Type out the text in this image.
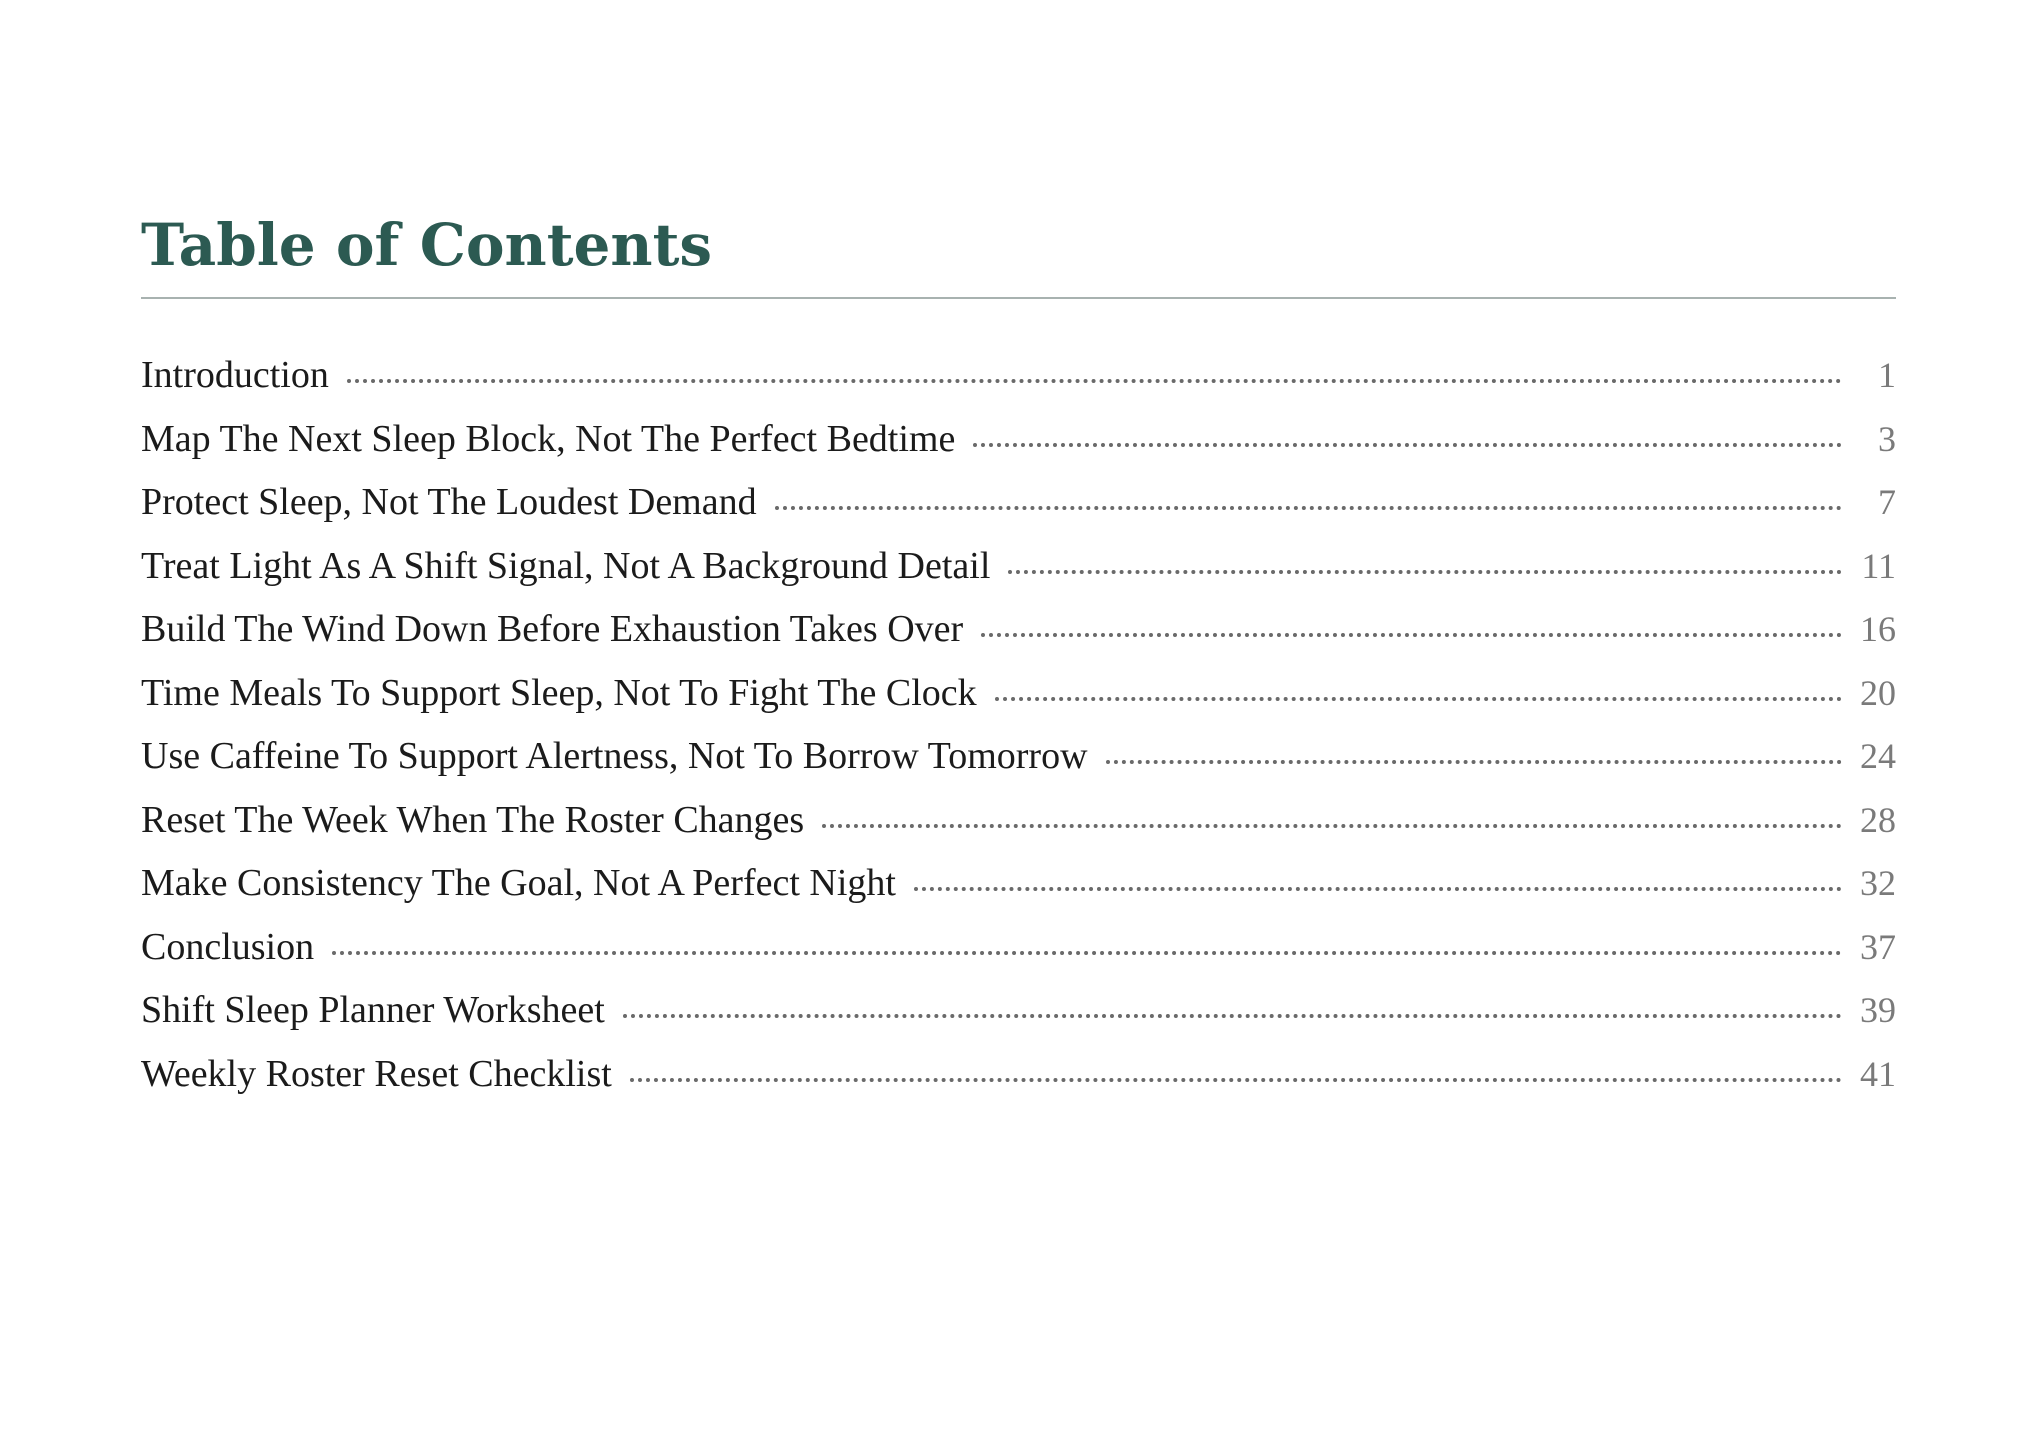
Table of Contents
Introduction	1
Map The Next Sleep Block, Not The Perfect Bedtime	3
Protect Sleep, Not The Loudest Demand	7
Treat Light As A Shift Signal, Not A Background Detail	11
Build The Wind Down Before Exhaustion Takes Over	16
Time Meals To Support Sleep, Not To Fight The Clock	20
Use Caffeine To Support Alertness, Not To Borrow Tomorrow	24
Reset The Week When The Roster Changes	28
Make Consistency The Goal, Not A Perfect Night	32
Conclusion	37
Shift Sleep Planner Worksheet	39
Weekly Roster Reset Checklist	41
